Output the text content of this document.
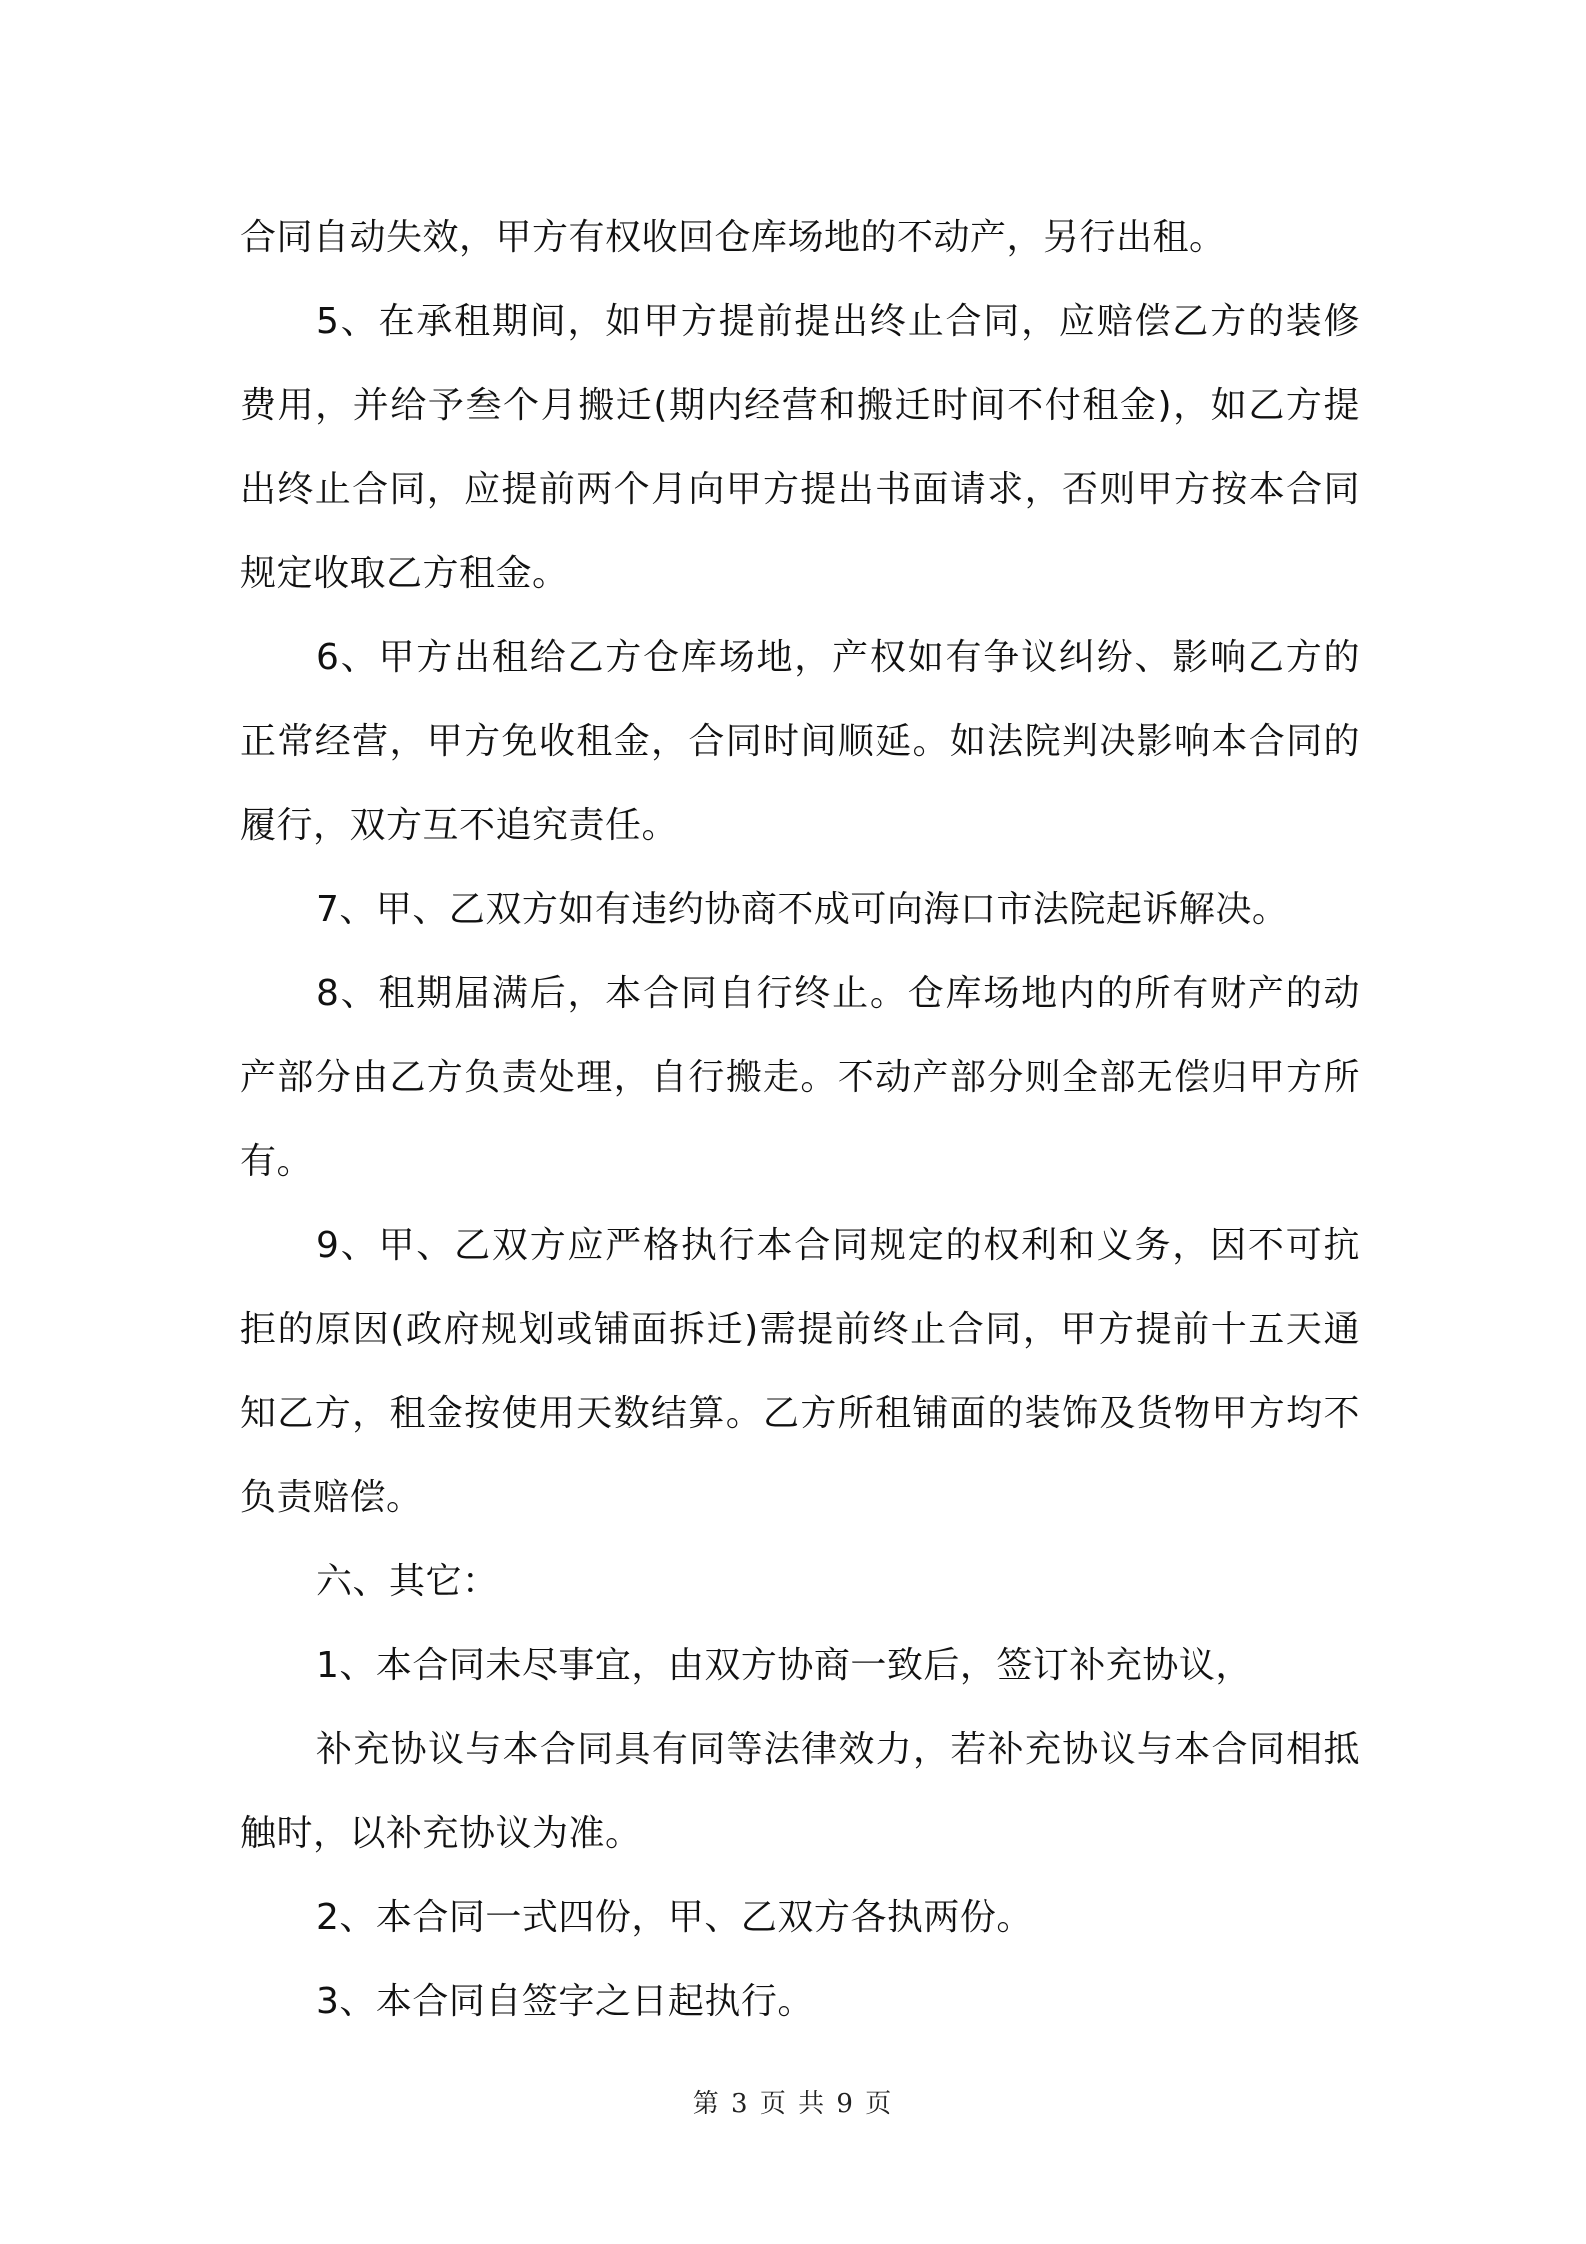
合同自动失效，甲方有权收回仓库场地的不动产，另行出租。

5、在承租期间，如甲方提前提出终止合同，应赔偿乙方的装修费用，并给予叁个月搬迁(期内经营和搬迁时间不付租金)，如乙方提出终止合同，应提前两个月向甲方提出书面请求，否则甲方按本合同规定收取乙方租金。

6、甲方出租给乙方仓库场地，产权如有争议纠纷、影响乙方的正常经营，甲方免收租金，合同时间顺延。如法院判决影响本合同的履行，双方互不追究责任。

7、甲、乙双方如有违约协商不成可向海口市法院起诉解决。

8、租期届满后，本合同自行终止。仓库场地内的所有财产的动产部分由乙方负责处理，自行搬走。不动产部分则全部无偿归甲方所有。

9、甲、乙双方应严格执行本合同规定的权利和义务，因不可抗拒的原因(政府规划或铺面拆迁)需提前终止合同，甲方提前十五天通知乙方，租金按使用天数结算。乙方所租铺面的装饰及货物甲方均不负责赔偿。

六、其它：

1、本合同未尽事宜，由双方协商一致后，签订补充协议，

补充协议与本合同具有同等法律效力，若补充协议与本合同相抵触时，以补充协议为准。

2、本合同一式四份，甲、乙双方各执两份。

3、本合同自签字之日起执行。

第 3 页 共 9 页
